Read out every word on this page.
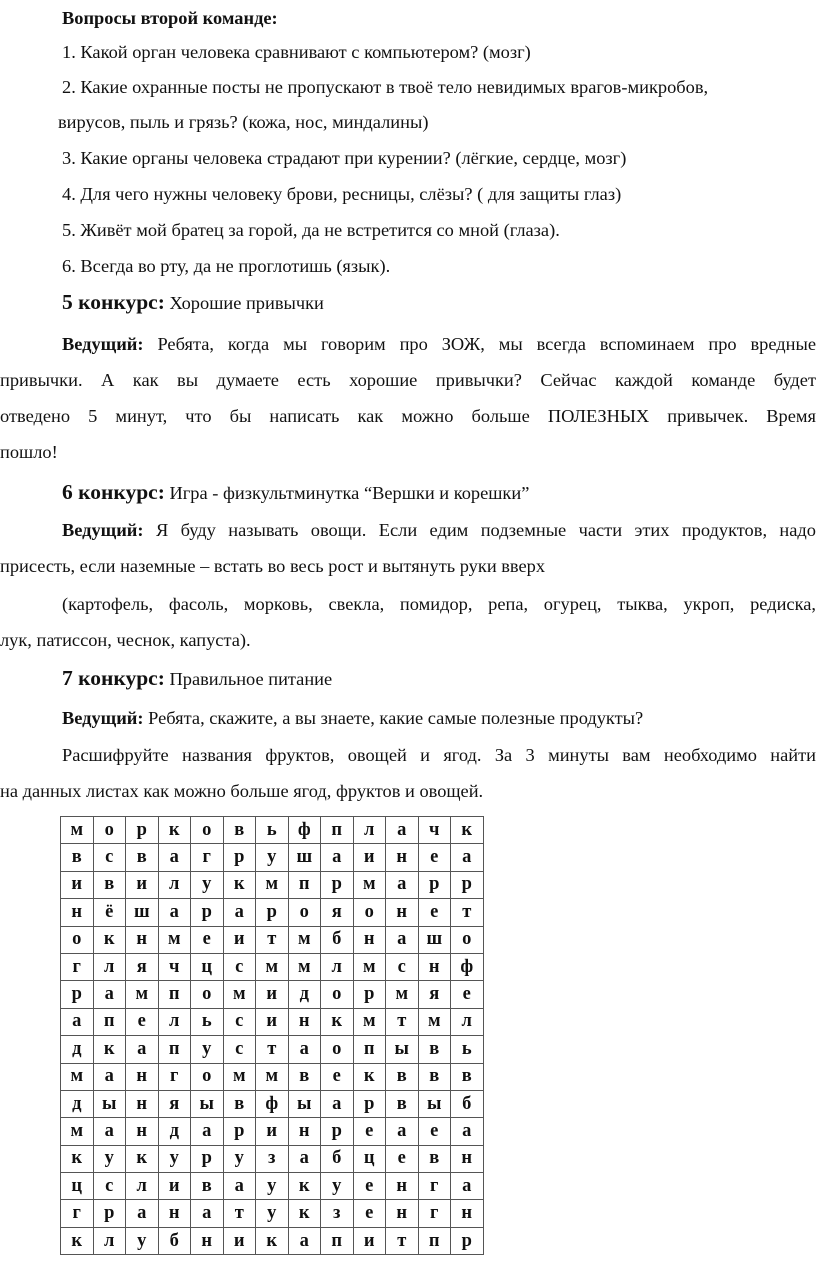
Вопросы второй команде:
1. Какой орган человека сравнивают с компьютером? (мозг)
2. Какие охранные посты не пропускают в твоё тело невидимых врагов-микробов,
вирусов, пыль и грязь? (кожа, нос, миндалины)
3. Какие органы человека страдают при курении? (лёгкие, сердце, мозг)
4. Для чего нужны человеку брови, ресницы, слёзы? ( для защиты глаз)
5. Живёт мой братец за горой, да не встретится со мной (глаза).
6. Всегда во рту, да не проглотишь (язык).
5 конкурс: Хорошие привычки
Ведущий: Ребята, когда мы говорим про ЗОЖ, мы всегда вспоминаем про вредные
привычки. А как вы думаете есть хорошие привычки? Сейчас каждой команде будет
отведено 5 минут, что бы написать как можно больше ПОЛЕЗНЫХ привычек. Время
пошло!
6 конкурс: Игра - физкультминутка “Вершки и корешки”
Ведущий: Я буду называть овощи. Если едим подземные части этих продуктов, надо
присесть, если наземные – встать во весь рост и вытянуть руки вверх
(картофель, фасоль, морковь, свекла, помидор, репа, огурец, тыква, укроп, редиска,
лук, патиссон, чеснок, капуста).
7 конкурс: Правильное питание
Ведущий: Ребята, скажите, а вы знаете, какие самые полезные продукты?
Расшифруйте названия фруктов, овощей и ягод. За 3 минуты вам необходимо найти
на данных листах как можно больше ягод, фруктов и овощей.
м	о	р	к	о	в	ь	ф	п	л	а	ч	к
в	с	в	а	г	р	у	ш	а	и	н	е	а
и	в	и	л	у	к	м	п	р	м	а	р	р
н	ё	ш	а	р	а	р	о	я	о	н	е	т
о	к	н	м	е	и	т	м	б	н	а	ш	о
г	л	я	ч	ц	с	м	м	л	м	с	н	ф
р	а	м	п	о	м	и	д	о	р	м	я	е
а	п	е	л	ь	с	и	н	к	м	т	м	л
д	к	а	п	у	с	т	а	о	п	ы	в	ь
м	а	н	г	о	м	м	в	е	к	в	в	в
д	ы	н	я	ы	в	ф	ы	а	р	в	ы	б
м	а	н	д	а	р	и	н	р	е	а	е	а
к	у	к	у	р	у	з	а	б	ц	е	в	н
ц	с	л	и	в	а	у	к	у	е	н	г	а
г	р	а	н	а	т	у	к	з	е	н	г	н
к	л	у	б	н	и	к	а	п	и	т	п	р
